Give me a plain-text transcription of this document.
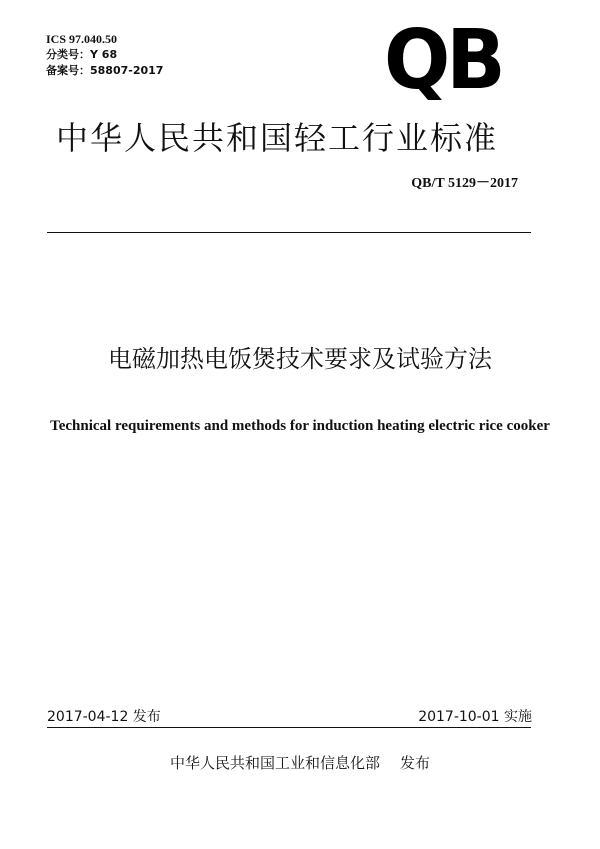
ICS 97.040.50
分类号：Y 68
备案号：58807-2017	QB
中华人民共和国轻工行业标准
QB/T 5129－2017
电磁加热电饭煲技术要求及试验方法
Technical requirements and methods for induction heating electric rice cooker
2017-04-12 发布	2017-10-01 实施
中华人民共和国工业和信息化部 发布
